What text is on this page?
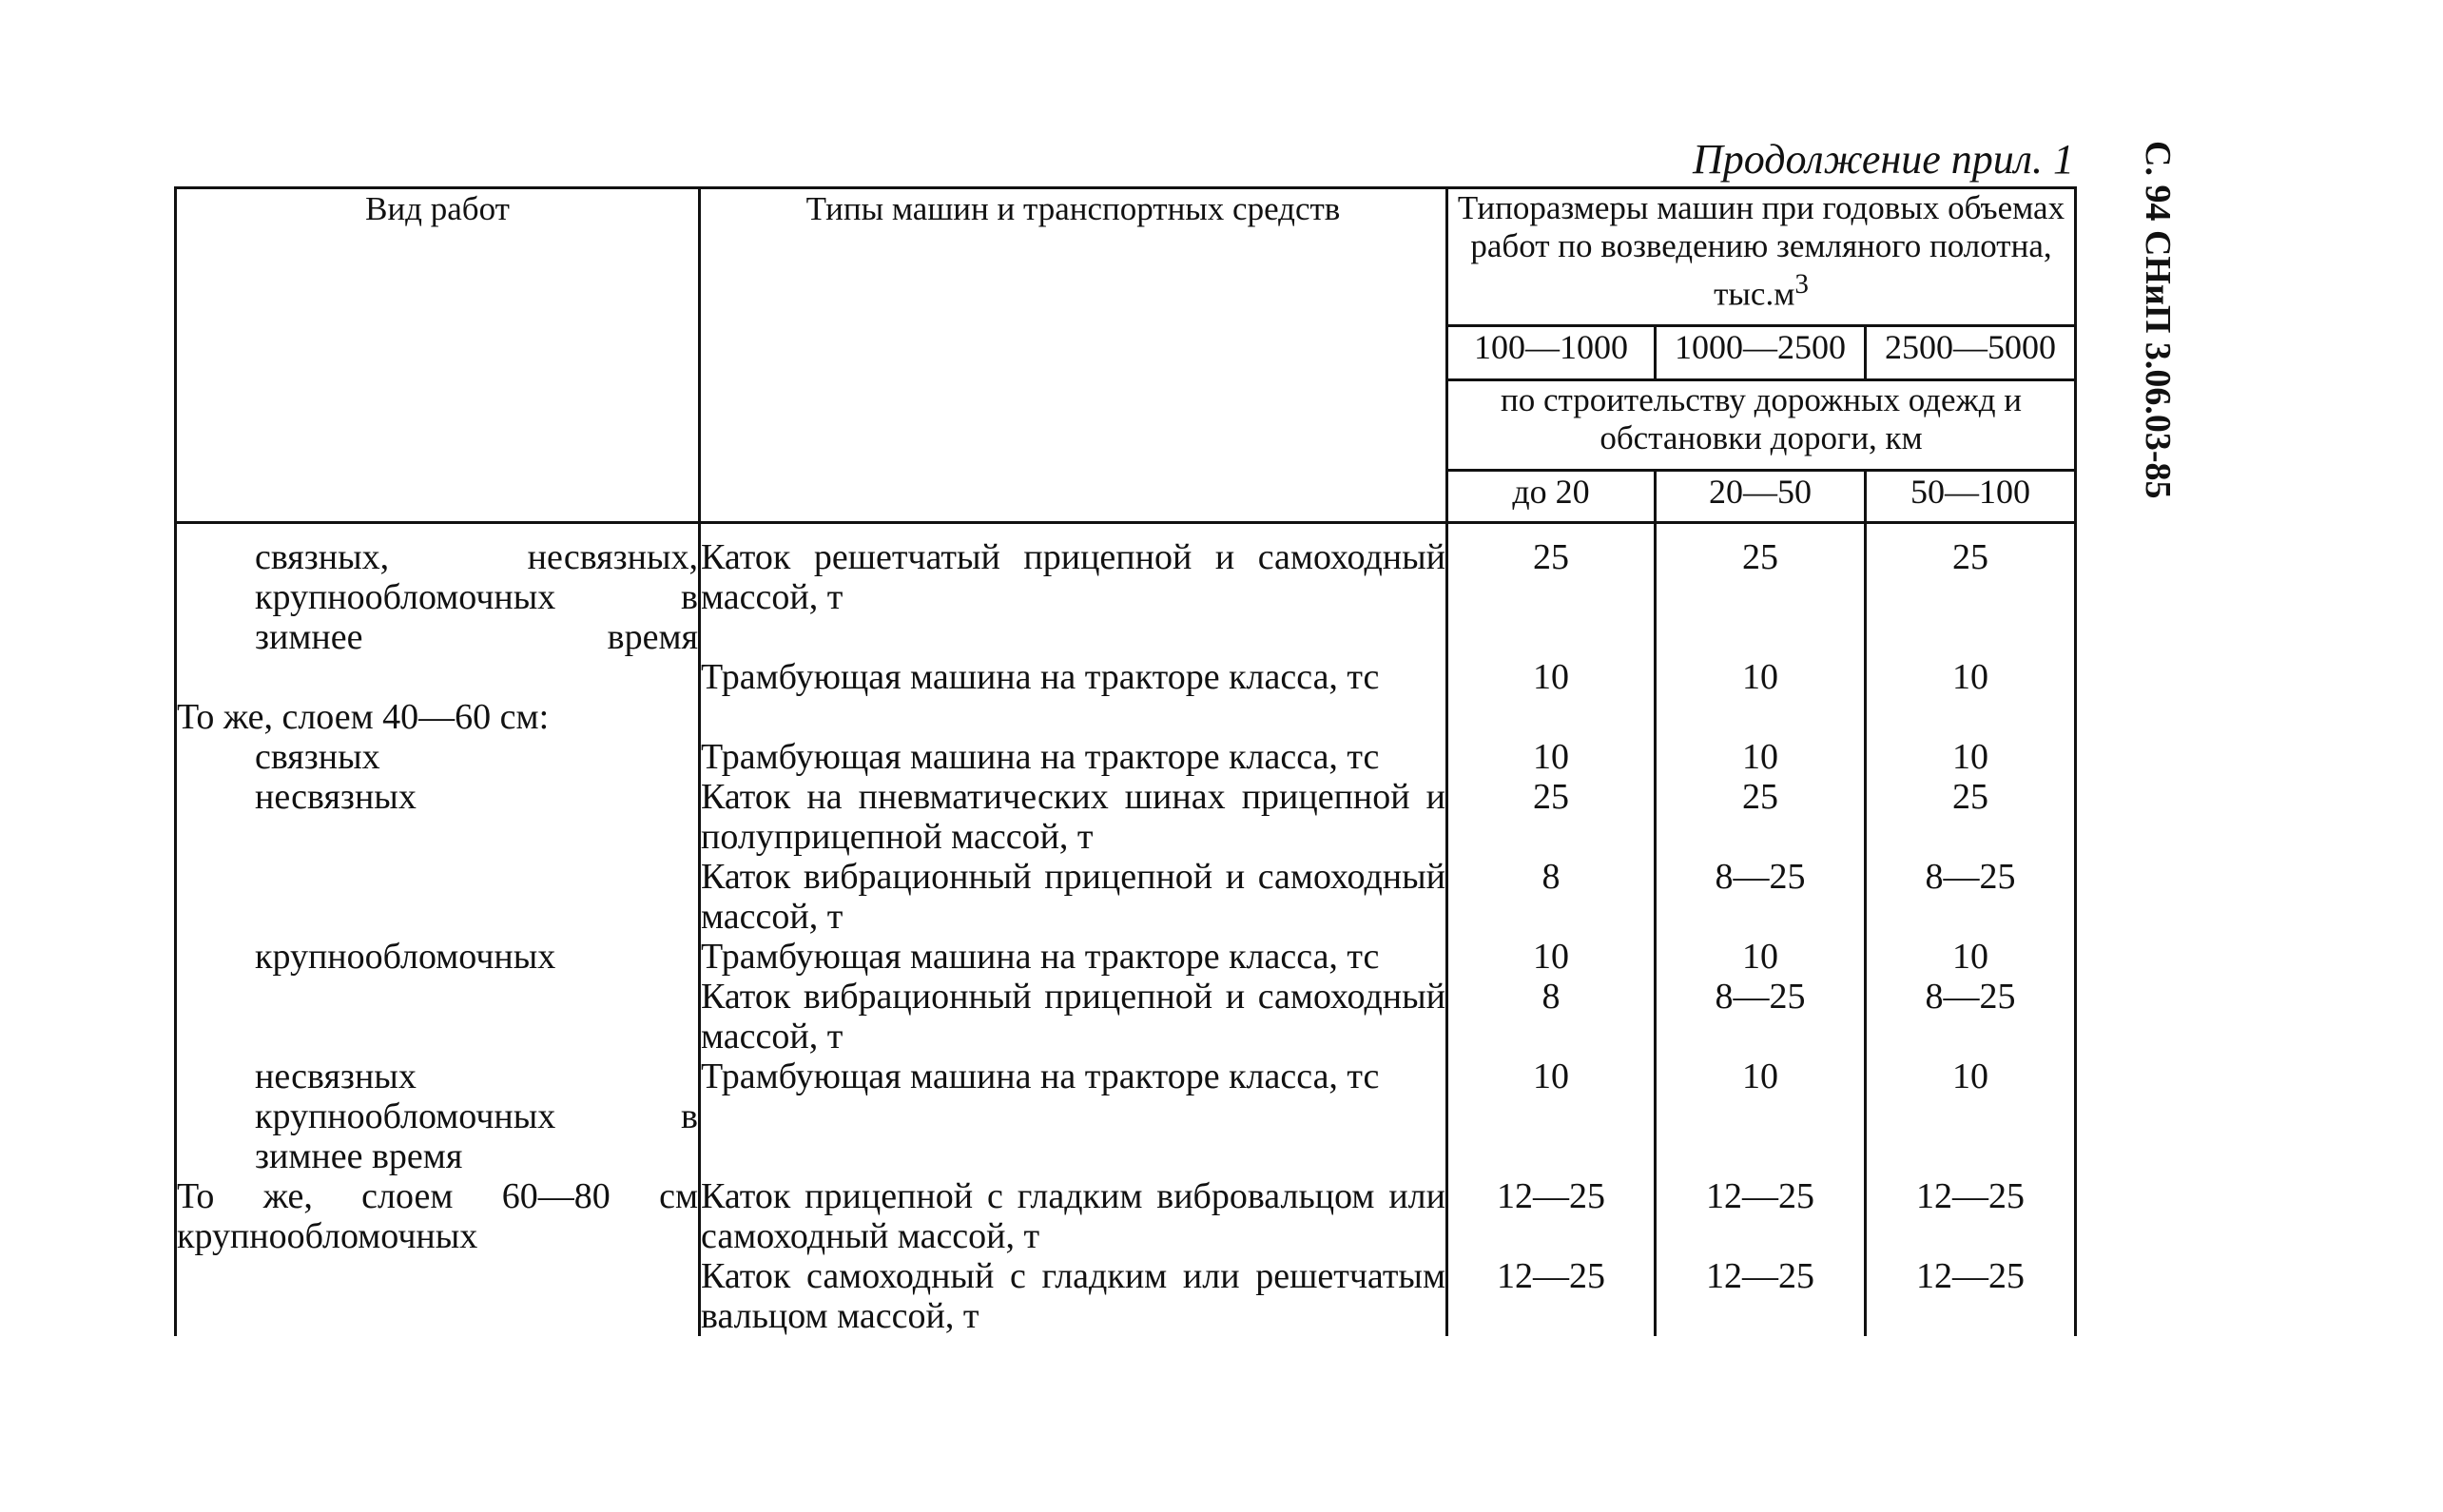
Продолжение прил. 1	С. 94 СНиП 3.06.03-85
Вид работ	Типы машин и транспортных средств	Типоразмеры машин при годовых объемах работ по возведению земляного полотна, $тыс.м^3$
		100—1000	1000—2500	2500—5000
		по строительству дорожных одежд и обстановки дороги, км		
		до 20	20—50	50—100

связных, несвязных, крупнообломочных в зимнее время	Каток решетчатый прицепной и самоходный массой, т	25	25	25

	Трамбующая машина на тракторе класса, тс	10	10	10

То же, слоем 40—60 см:				

связных	Трамбующая машина на тракторе класса, тс	10	10	10

несвязных	Каток на пневматических шинах прицепной и полуприцепной массой, т	25	25	25

	Каток вибрационный прицепной и самоходный массой, т	8	8—25	8—25

крупнообломочных	Трамбующая машина на тракторе класса, тс	10	10	10

	Каток вибрационный прицепной и самоходный массой, т	8	8—25	8—25

несвязных крупнообломочных в зимнее время	Трамбующая машина на тракторе класса, тс	10	10	10

То же, слоем 60—80 см крупнообломочных	Каток прицепной с гладким вибровальцом или самоходный массой, т	12—25	12—25	12—25

	Каток самоходный с гладким или решетчатым вальцом массой, т	12—25	12—25	12—25
